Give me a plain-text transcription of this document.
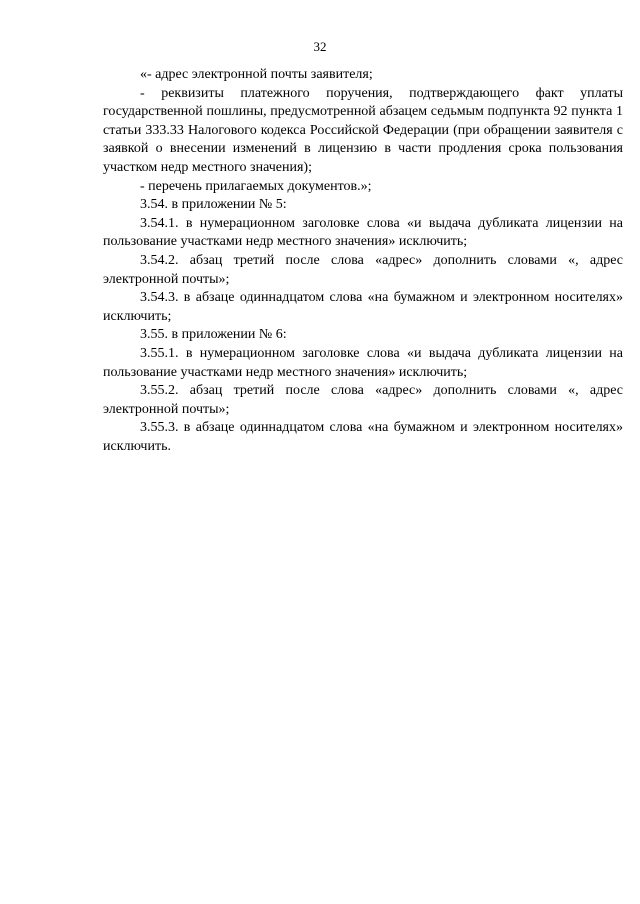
32

«- адрес электронной почты заявителя;

- реквизиты платежного поручения, подтверждающего факт уплаты государственной пошлины, предусмотренной абзацем седьмым подпункта 92 пункта 1 статьи 333.33 Налогового кодекса Российской Федерации (при обращении заявителя с заявкой о внесении изменений в лицензию в части продления срока пользования участком недр местного значения);

- перечень прилагаемых документов.»;

3.54. в приложении № 5:

3.54.1. в нумерационном заголовке слова «и выдача дубликата лицензии на пользование участками недр местного значения» исключить;

3.54.2. абзац третий после слова «адрес» дополнить словами «, адрес электронной почты»;

3.54.3. в абзаце одиннадцатом слова «на бумажном и электронном носителях» исключить;

3.55. в приложении № 6:

3.55.1. в нумерационном заголовке слова «и выдача дубликата лицензии на пользование участками недр местного значения» исключить;

3.55.2. абзац третий после слова «адрес» дополнить словами «, адрес электронной почты»;

3.55.3. в абзаце одиннадцатом слова «на бумажном и электронном носителях» исключить.
